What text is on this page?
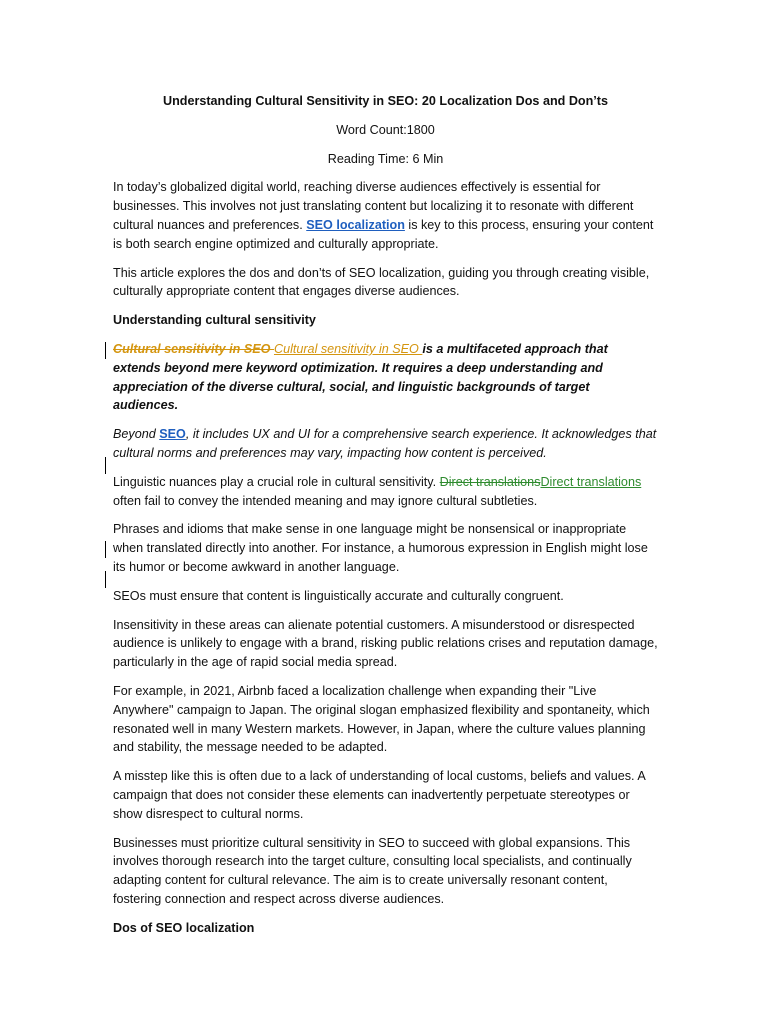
Understanding Cultural Sensitivity in SEO: 20 Localization Dos and Don’ts
Word Count:1800
Reading Time: 6 Min

In today’s globalized digital world, reaching diverse audiences effectively is essential for businesses. This involves not just translating content but localizing it to resonate with different cultural nuances and preferences. SEO localization is key to this process, ensuring your content is both search engine optimized and culturally appropriate.

This article explores the dos and don’ts of SEO localization, guiding you through creating visible, culturally appropriate content that engages diverse audiences.

Understanding cultural sensitivity

Cultural sensitivity in SEO Cultural sensitivity in SEO is a multifaceted approach that extends beyond mere keyword optimization. It requires a deep understanding and appreciation of the diverse cultural, social, and linguistic backgrounds of target audiences.

Beyond SEO, it includes UX and UI for a comprehensive search experience. It acknowledges that cultural norms and preferences may vary, impacting how content is perceived.

Linguistic nuances play a crucial role in cultural sensitivity. Direct translationsDirect translations often fail to convey the intended meaning and may ignore cultural subtleties.

Phrases and idioms that make sense in one language might be nonsensical or inappropriate when translated directly into another. For instance, a humorous expression in English might lose its humor or become awkward in another language.

SEOs must ensure that content is linguistically accurate and culturally congruent.

Insensitivity in these areas can alienate potential customers. A misunderstood or disrespected audience is unlikely to engage with a brand, risking public relations crises and reputation damage, particularly in the age of rapid social media spread.

For example, in 2021, Airbnb faced a localization challenge when expanding their "Live Anywhere" campaign to Japan. The original slogan emphasized flexibility and spontaneity, which resonated well in many Western markets. However, in Japan, where the culture values planning and stability, the message needed to be adapted.

A misstep like this is often due to a lack of understanding of local customs, beliefs and values. A campaign that does not consider these elements can inadvertently perpetuate stereotypes or show disrespect to cultural norms.

Businesses must prioritize cultural sensitivity in SEO to succeed with global expansions. This involves thorough research into the target culture, consulting local specialists, and continually adapting content for cultural relevance. The aim is to create universally resonant content, fostering connection and respect across diverse audiences.

Dos of SEO localization
